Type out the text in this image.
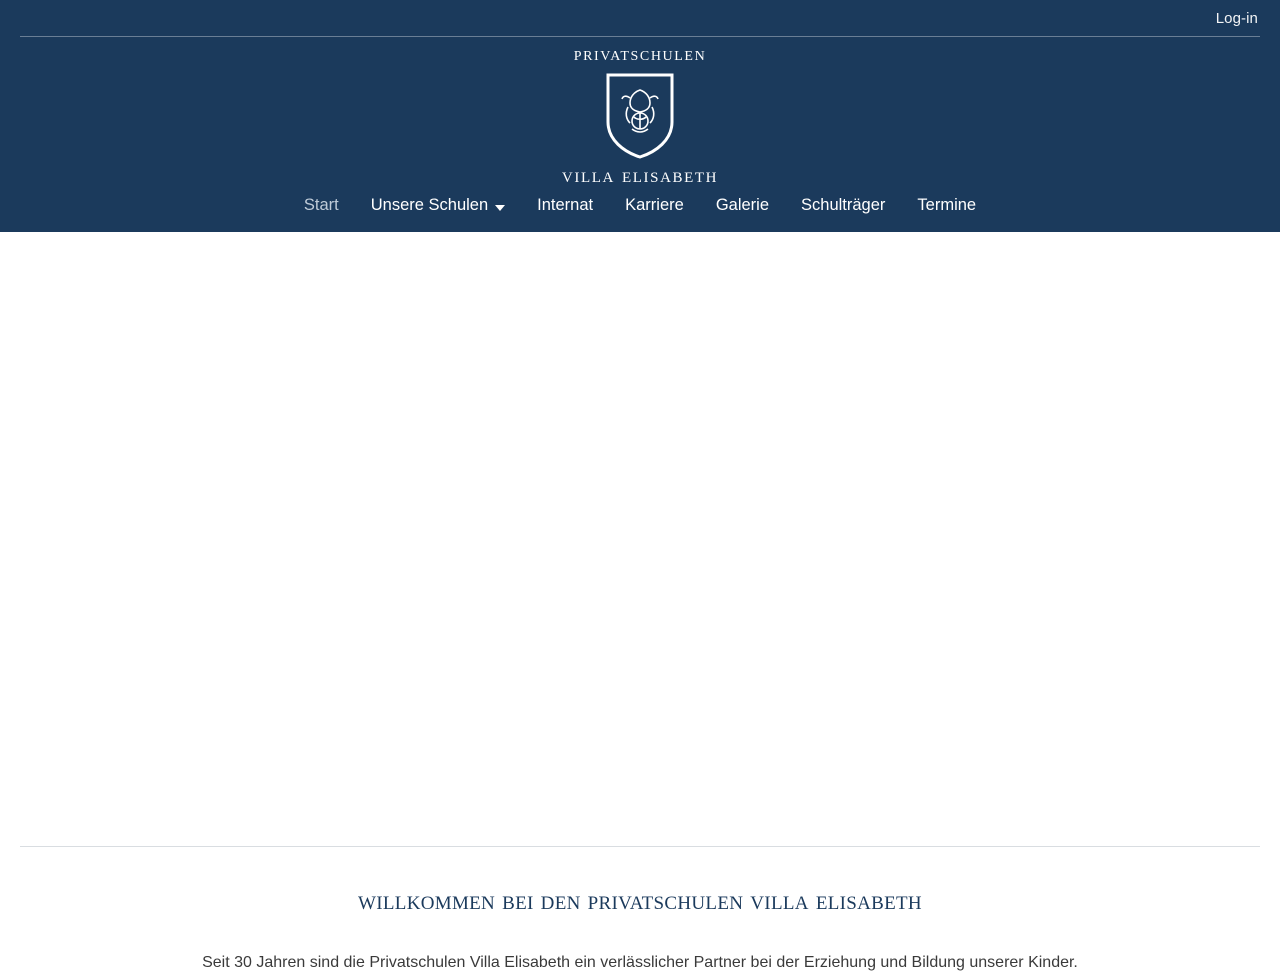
Log-in
privatschulen
villa elisabeth
Start Unsere Schulen	Internat Karriere Galerie Schulträger Termine
willkommen bei den privatschulen villa elisabeth

Seit 30 Jahren sind die Privatschulen Villa Elisabeth ein verlässlicher Partner bei der Erziehung und Bildung unserer Kinder.
